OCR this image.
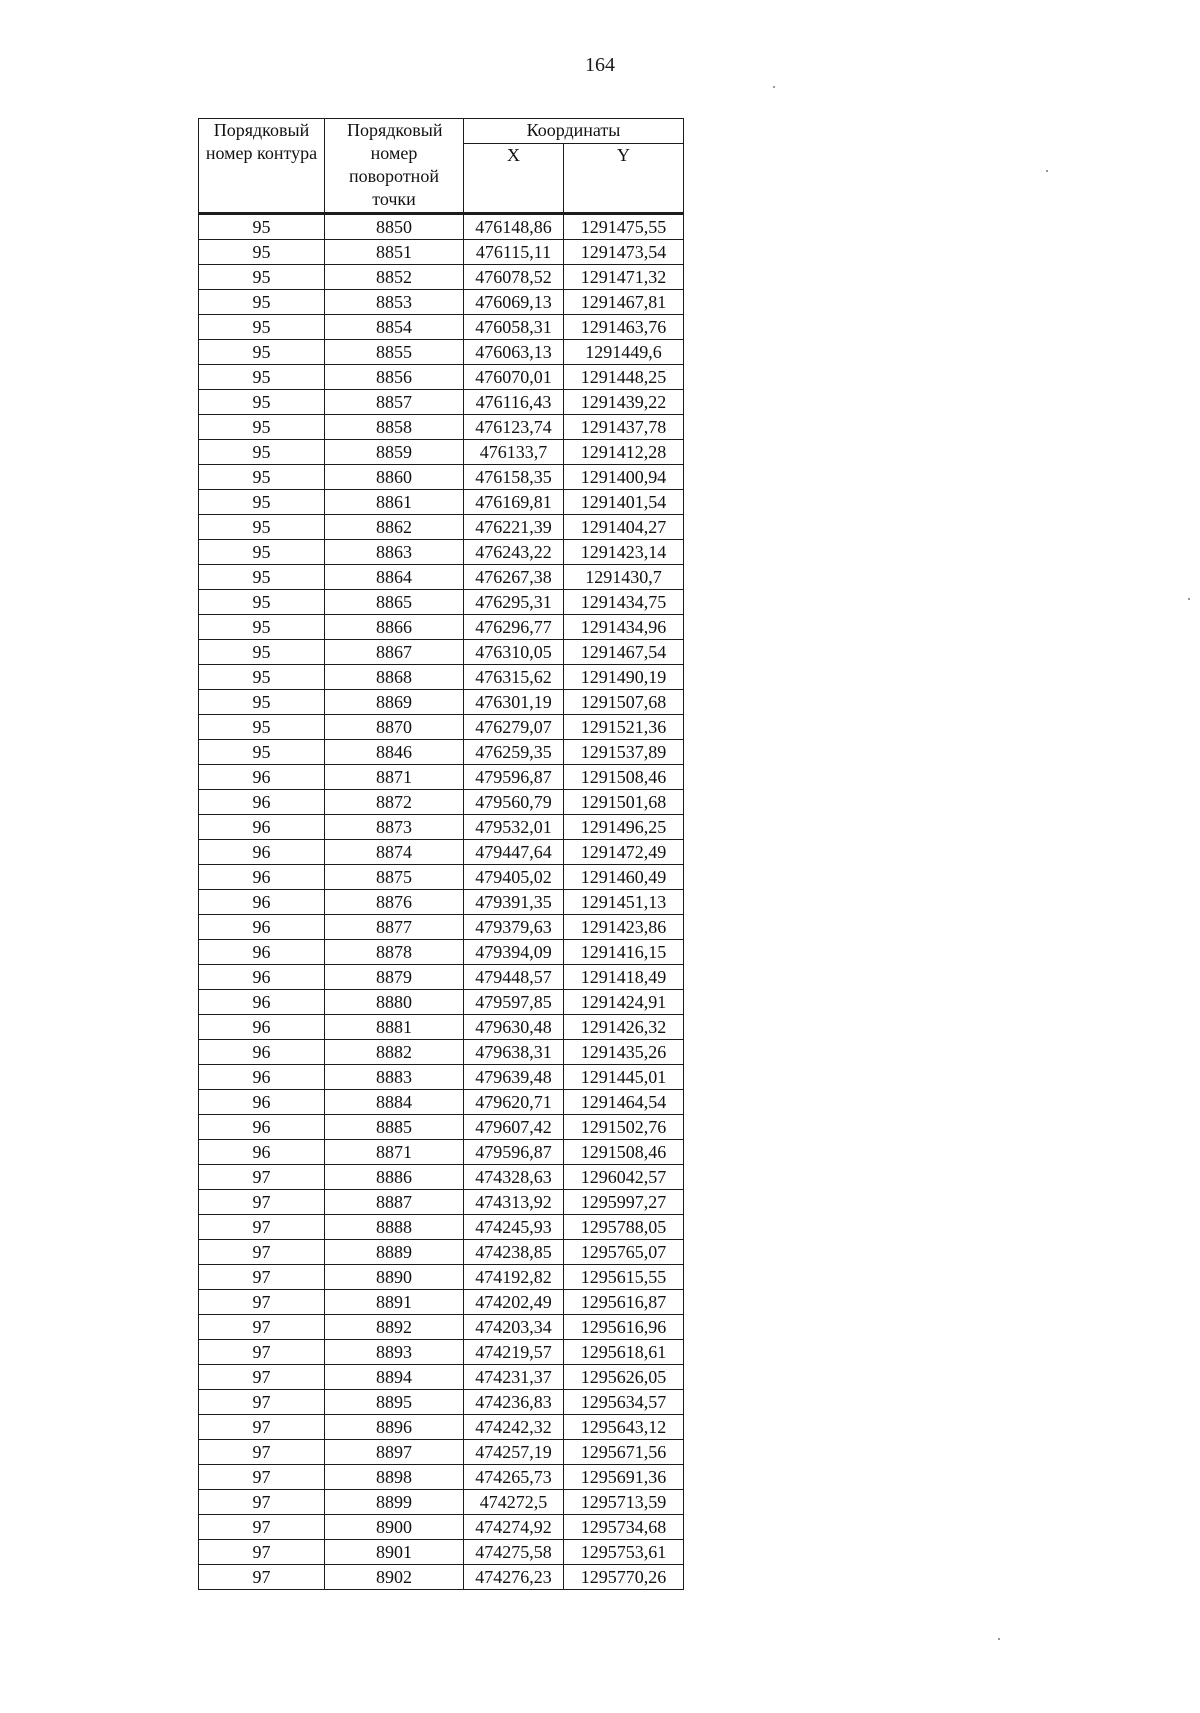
164
Порядковый номер контура	Порядковый номер поворотной точки	Координаты	
		X	Y
95	8850	476148,86	1291475,55
95	8851	476115,11	1291473,54
95	8852	476078,52	1291471,32
95	8853	476069,13	1291467,81
95	8854	476058,31	1291463,76
95	8855	476063,13	1291449,6
95	8856	476070,01	1291448,25
95	8857	476116,43	1291439,22
95	8858	476123,74	1291437,78
95	8859	476133,7	1291412,28
95	8860	476158,35	1291400,94
95	8861	476169,81	1291401,54
95	8862	476221,39	1291404,27
95	8863	476243,22	1291423,14
95	8864	476267,38	1291430,7
95	8865	476295,31	1291434,75
95	8866	476296,77	1291434,96
95	8867	476310,05	1291467,54
95	8868	476315,62	1291490,19
95	8869	476301,19	1291507,68
95	8870	476279,07	1291521,36
95	8846	476259,35	1291537,89
96	8871	479596,87	1291508,46
96	8872	479560,79	1291501,68
96	8873	479532,01	1291496,25
96	8874	479447,64	1291472,49
96	8875	479405,02	1291460,49
96	8876	479391,35	1291451,13
96	8877	479379,63	1291423,86
96	8878	479394,09	1291416,15
96	8879	479448,57	1291418,49
96	8880	479597,85	1291424,91
96	8881	479630,48	1291426,32
96	8882	479638,31	1291435,26
96	8883	479639,48	1291445,01
96	8884	479620,71	1291464,54
96	8885	479607,42	1291502,76
96	8871	479596,87	1291508,46
97	8886	474328,63	1296042,57
97	8887	474313,92	1295997,27
97	8888	474245,93	1295788,05
97	8889	474238,85	1295765,07
97	8890	474192,82	1295615,55
97	8891	474202,49	1295616,87
97	8892	474203,34	1295616,96
97	8893	474219,57	1295618,61
97	8894	474231,37	1295626,05
97	8895	474236,83	1295634,57
97	8896	474242,32	1295643,12
97	8897	474257,19	1295671,56
97	8898	474265,73	1295691,36
97	8899	474272,5	1295713,59
97	8900	474274,92	1295734,68
97	8901	474275,58	1295753,61
97	8902	474276,23	1295770,26
